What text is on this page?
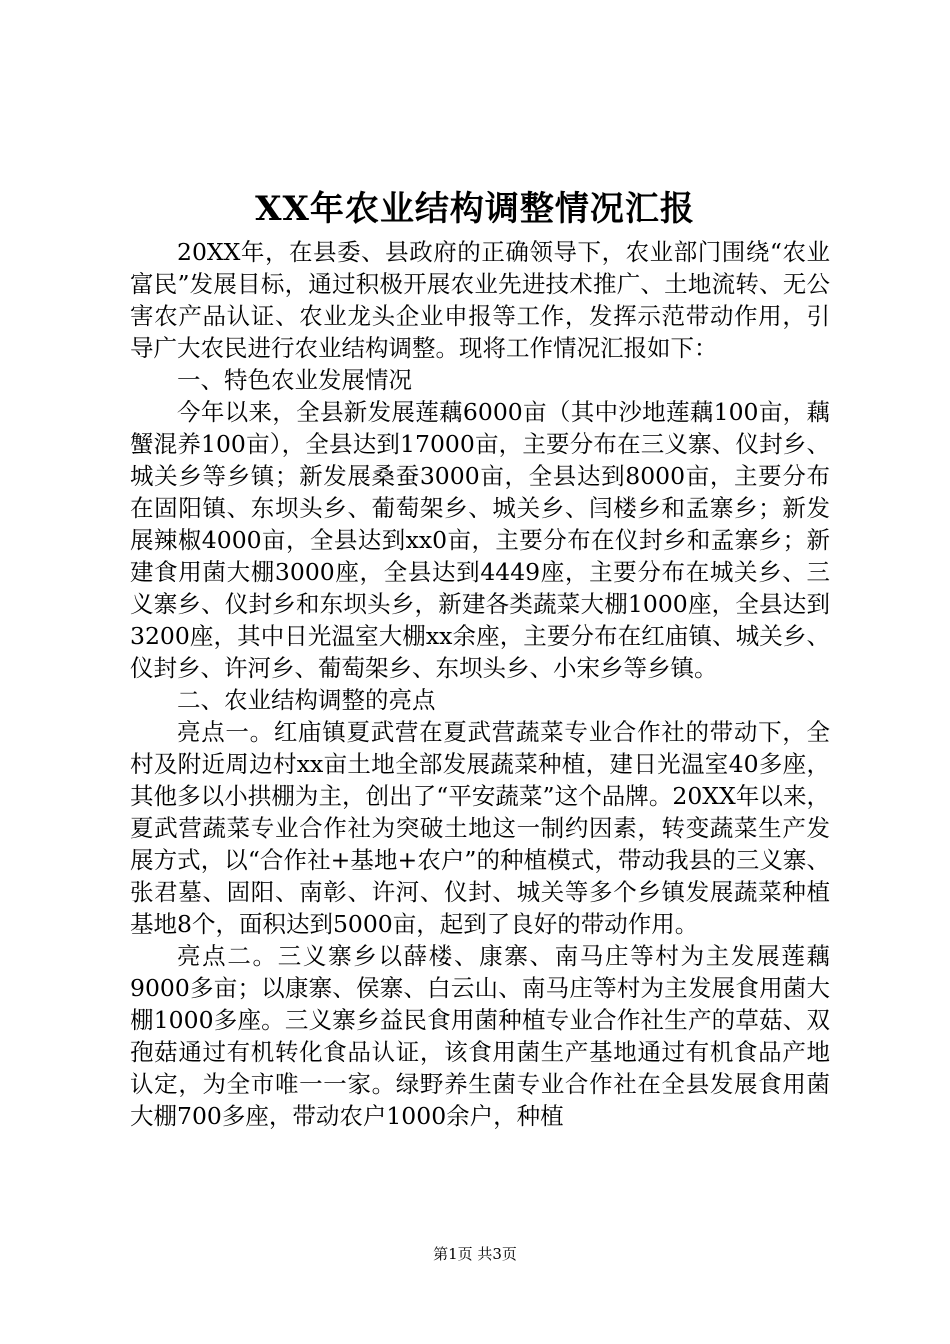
XX年农业结构调整情况汇报

20XX年，在县委、县政府的正确领导下，农业部门围绕“农业富民”发展目标，通过积极开展农业先进技术推广、土地流转、无公害农产品认证、农业龙头企业申报等工作，发挥示范带动作用，引导广大农民进行农业结构调整。现将工作情况汇报如下：

一、特色农业发展情况

今年以来，全县新发展莲藕6000亩（其中沙地莲藕100亩，藕蟹混养100亩），全县达到17000亩，主要分布在三义寨、仪封乡、城关乡等乡镇；新发展桑蚕3000亩，全县达到8000亩，主要分布在固阳镇、东坝头乡、葡萄架乡、城关乡、闫楼乡和孟寨乡；新发展辣椒4000亩，全县达到xx0亩，主要分布在仪封乡和孟寨乡；新建食用菌大棚3000座，全县达到4449座，主要分布在城关乡、三义寨乡、仪封乡和东坝头乡，新建各类蔬菜大棚1000座，全县达到3200座，其中日光温室大棚xx余座，主要分布在红庙镇、城关乡、仪封乡、许河乡、葡萄架乡、东坝头乡、小宋乡等乡镇。

二、农业结构调整的亮点

亮点一。红庙镇夏武营在夏武营蔬菜专业合作社的带动下，全村及附近周边村xx亩土地全部发展蔬菜种植，建日光温室40多座，其他多以小拱棚为主，创出了“平安蔬菜”这个品牌。20XX年以来，夏武营蔬菜专业合作社为突破土地这一制约因素，转变蔬菜生产发展方式，以“合作社+基地+农户”的种植模式，带动我县的三义寨、张君墓、固阳、南彰、许河、仪封、城关等多个乡镇发展蔬菜种植基地8个，面积达到5000亩，起到了良好的带动作用。

亮点二。三义寨乡以薛楼、康寨、南马庄等村为主发展莲藕9000多亩；以康寨、侯寨、白云山、南马庄等村为主发展食用菌大棚1000多座。三义寨乡益民食用菌种植专业合作社生产的草菇、双孢菇通过有机转化食品认证，该食用菌生产基地通过有机食品产地认定，为全市唯一一家。绿野养生菌专业合作社在全县发展食用菌大棚700多座，带动农户1000余户，种植

第1页 共3页
